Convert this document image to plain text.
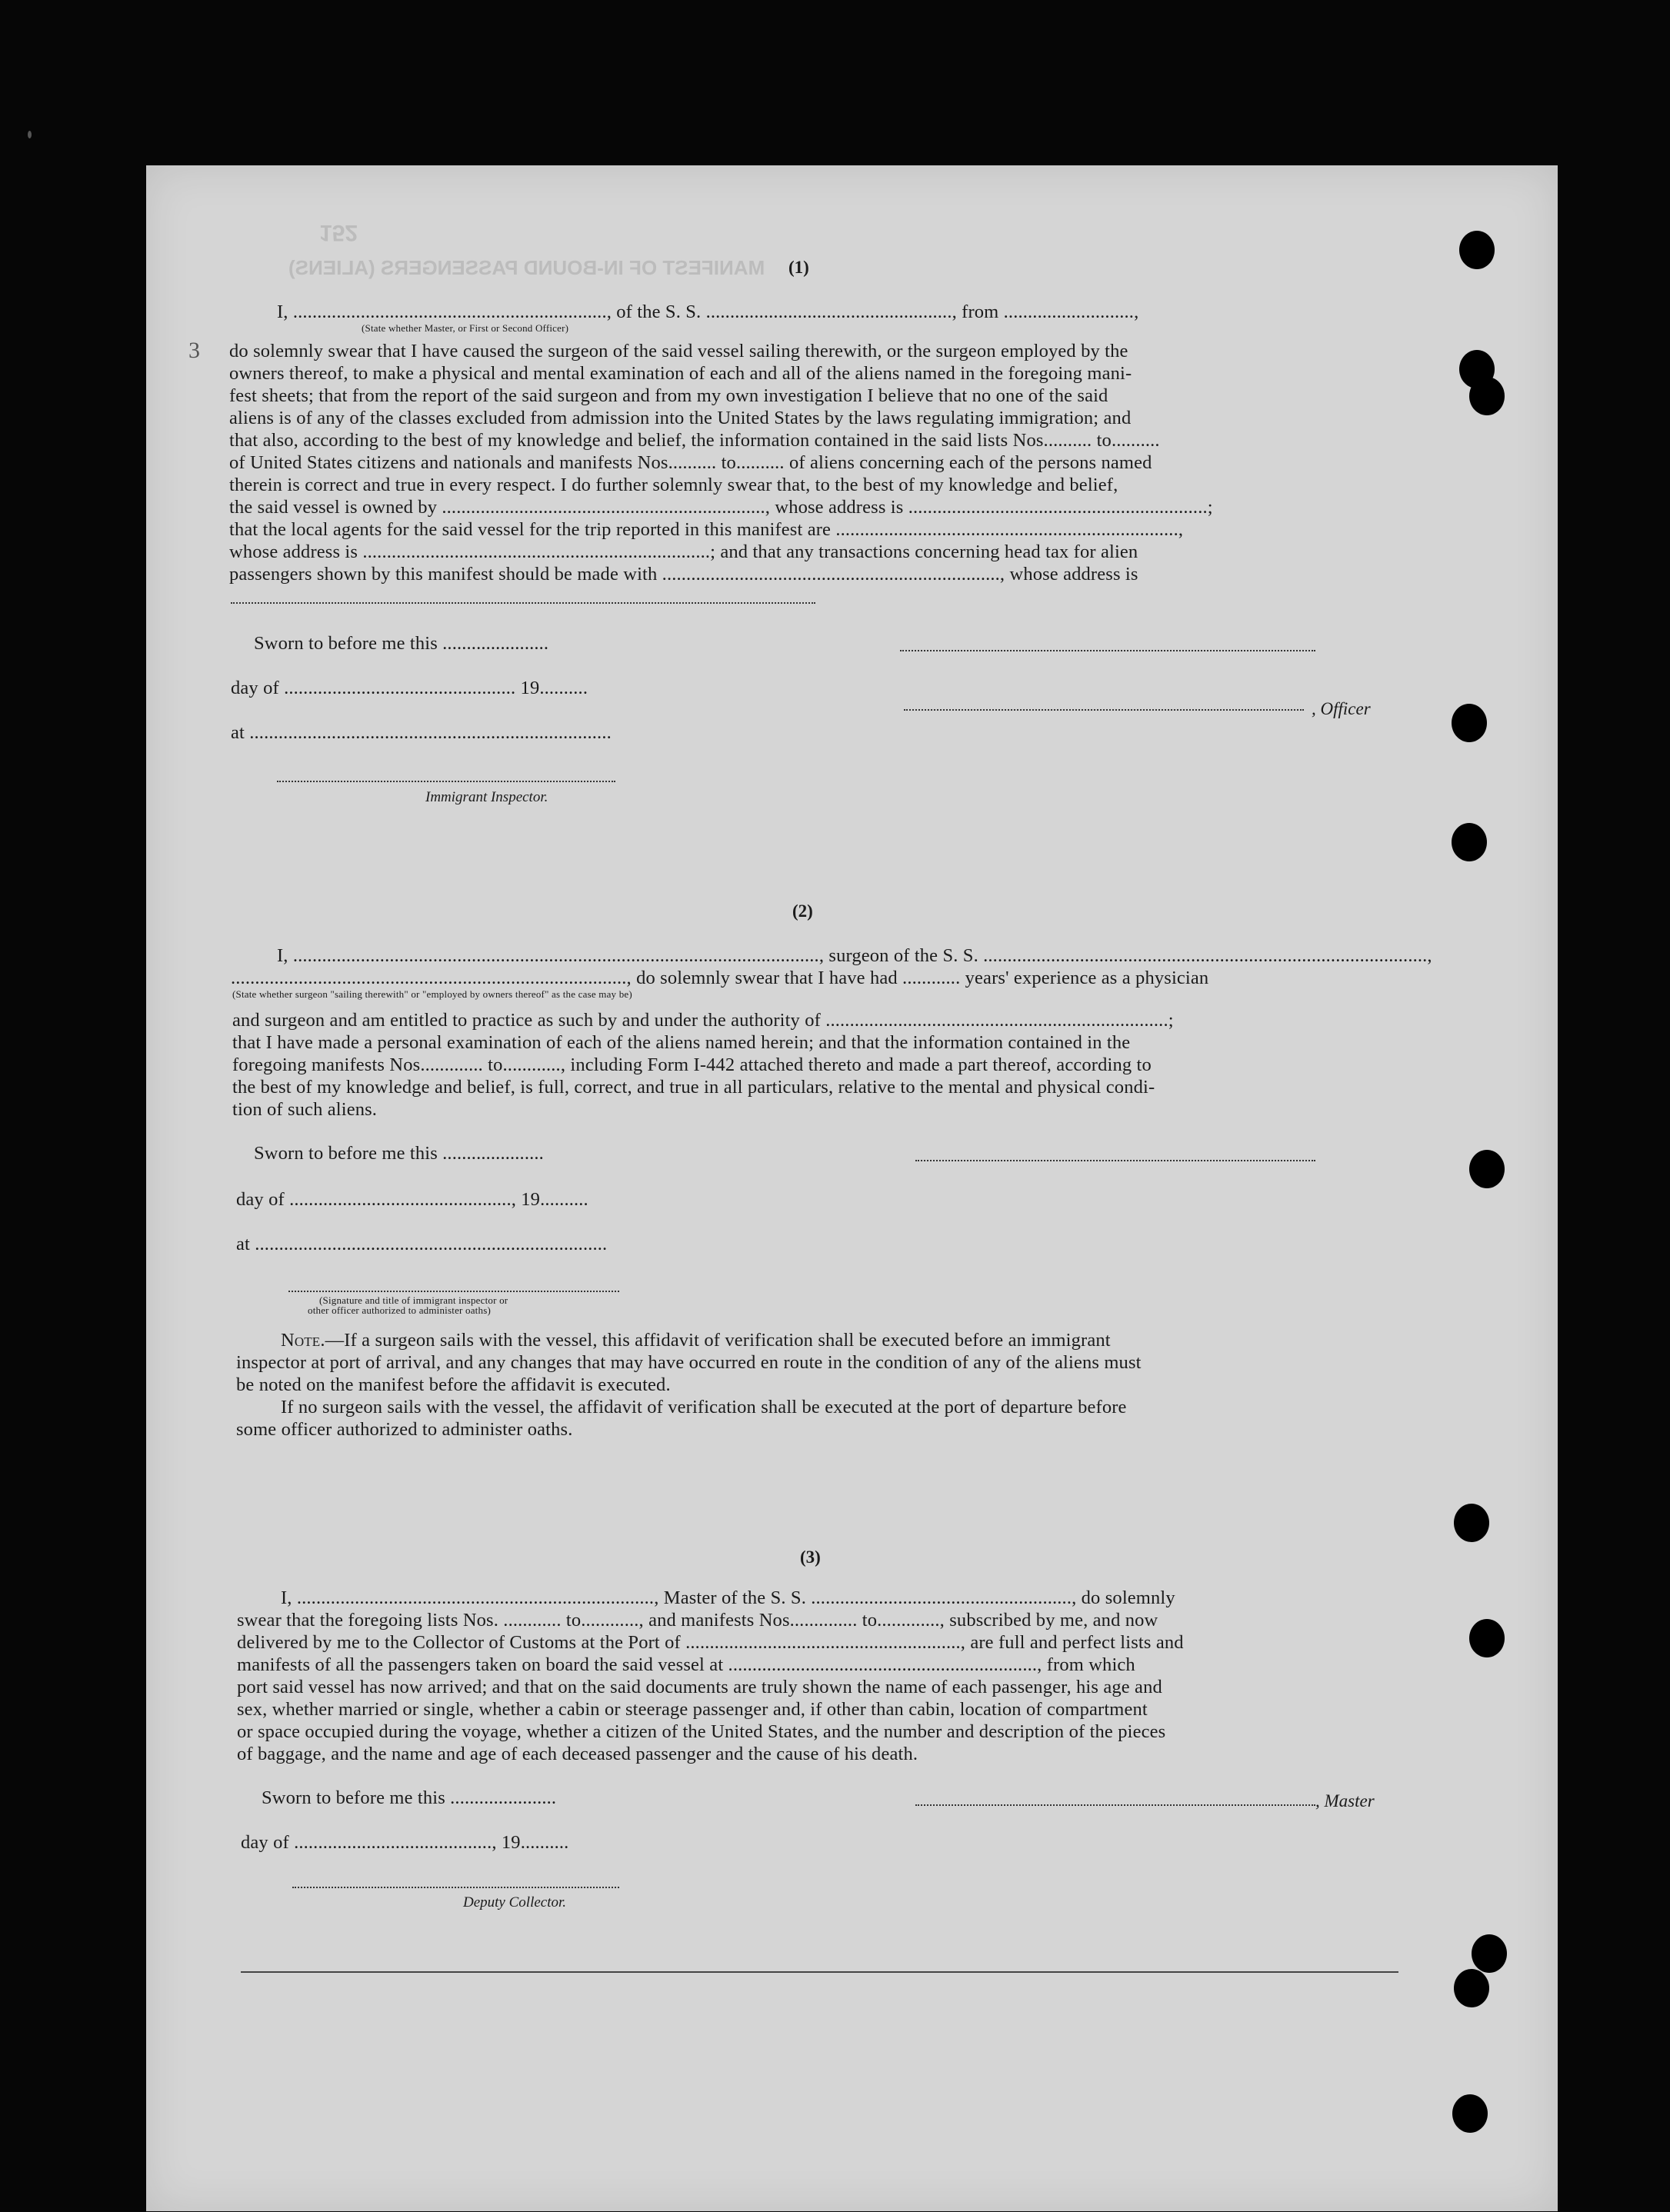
152
MANIFEST OF IN-BOUND PASSENGERS (ALIENS) (1)
I, ................................................................., of the S. S. ..................................................., from ...........................,
(State whether Master, or First or Second Officer)
3 do solemnly swear that I have caused the surgeon of the said vessel sailing therewith, or the surgeon employed by the
owners thereof, to make a physical and mental examination of each and all of the aliens named in the foregoing mani-
fest sheets; that from the report of the said surgeon and from my own investigation I believe that no one of the said
aliens is of any of the classes excluded from admission into the United States by the laws regulating immigration; and
that also, according to the best of my knowledge and belief, the information contained in the said lists Nos.......... to..........
of United States citizens and nationals and manifests Nos.......... to.......... of aliens concerning each of the persons named
therein is correct and true in every respect. I do further solemnly swear that, to the best of my knowledge and belief,
the said vessel is owned by ..................................................................., whose address is ..............................................................;
that the local agents for the said vessel for the trip reported in this manifest are .......................................................................,
whose address is ........................................................................; and that any transactions concerning head tax for alien
passengers shown by this manifest should be made with ......................................................................, whose address is
Sworn to before me this ......................
day of ................................................ 19..........
at ...........................................................................
Immigrant Inspector.
, Officer
(2)
I, ............................................................................................................., surgeon of the S. S. ............................................................................................,
.................................................................................., do solemnly swear that I have had ............ years' experience as a physician
(State whether surgeon "sailing therewith" or "employed by owners thereof" as the case may be)
and surgeon and am entitled to practice as such by and under the authority of .......................................................................;
that I have made a personal examination of each of the aliens named herein; and that the information contained in the
foregoing manifests Nos............. to............, including Form I-442 attached thereto and made a part thereof, according to
the best of my knowledge and belief, is full, correct, and true in all particulars, relative to the mental and physical condi-
tion of such aliens.
Sworn to before me this .....................
day of .............................................., 19..........
at .........................................................................
(Signature and title of immigrant inspector or
other officer authorized to administer oaths)
Note.—If a surgeon sails with the vessel, this affidavit of verification shall be executed before an immigrant
inspector at port of arrival, and any changes that may have occurred en route in the condition of any of the aliens must
be noted on the manifest before the affidavit is executed.
If no surgeon sails with the vessel, the affidavit of verification shall be executed at the port of departure before
some officer authorized to administer oaths.
(3)
I, .........................................................................., Master of the S. S. ......................................................, do solemnly
swear that the foregoing lists Nos. ............ to............, and manifests Nos.............. to............., subscribed by me, and now
delivered by me to the Collector of Customs at the Port of ........................................................., are full and perfect lists and
manifests of all the passengers taken on board the said vessel at ................................................................, from which
port said vessel has now arrived; and that on the said documents are truly shown the name of each passenger, his age and
sex, whether married or single, whether a cabin or steerage passenger and, if other than cabin, location of compartment
or space occupied during the voyage, whether a citizen of the United States, and the number and description of the pieces
of baggage, and the name and age of each deceased passenger and the cause of his death.
Sworn to before me this ......................	, Master
day of ........................................., 19..........
Deputy Collector.
